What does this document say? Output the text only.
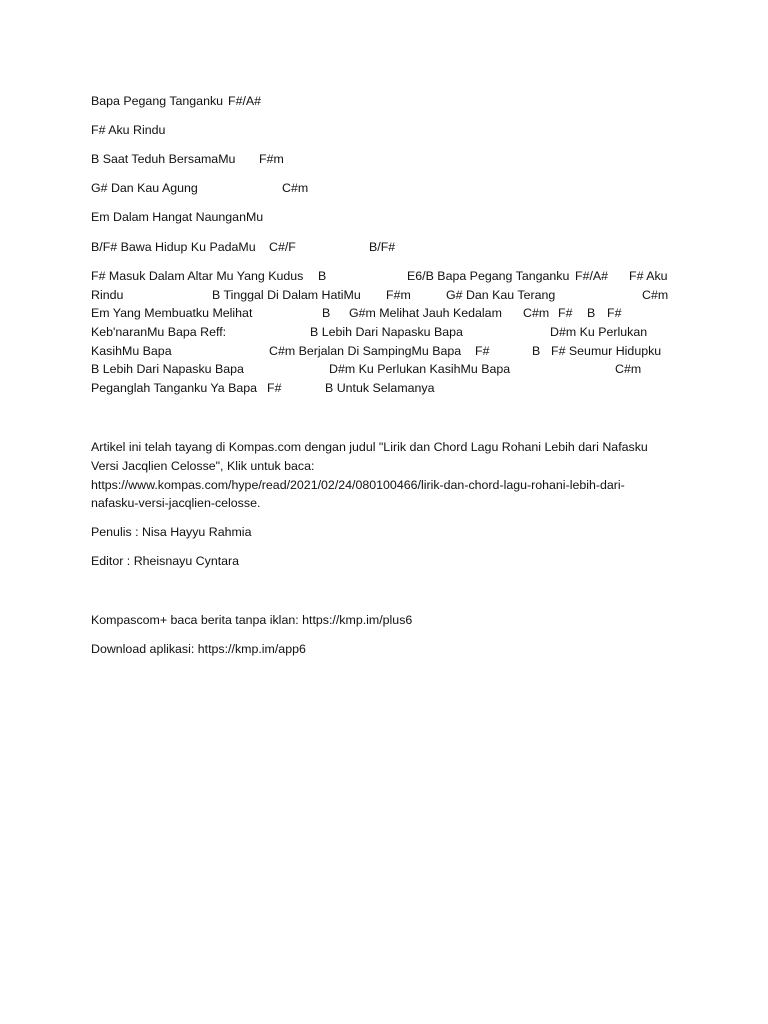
Bapa Pegang Tanganku F#/A#
F# Aku Rindu
B Saat Teduh BersamaMu F#m
G# Dan Kau Agung	C#m
Em Dalam Hangat NaunganMu
B/F# Bawa Hidup Ku PadaMu C#/F	B/F#
F# Masuk Dalam Altar Mu Yang Kudus B	E6/B Bapa Pegang Tanganku F#/A# F# Aku
Rindu	B Tinggal Di Dalam HatiMu F#m	G# Dan Kau Terang	C#m
Em Yang Membuatku Melihat	B G#m Melihat Jauh Kedalam C#m F# B F#
Keb'naranMu Bapa Reff:	B Lebih Dari Napasku Bapa	D#m Ku Perlukan
KasihMu Bapa	C#m Berjalan Di SampingMu Bapa F#	B F# Seumur Hidupku
B Lebih Dari Napasku Bapa	D#m Ku Perlukan KasihMu Bapa	C#m
Peganglah Tanganku Ya Bapa F#	B Untuk Selamanya
Artikel ini telah tayang di Kompas.com dengan judul "Lirik dan Chord Lagu Rohani Lebih dari Nafasku
Versi Jacqlien Celosse", Klik untuk baca:
https://www.kompas.com/hype/read/2021/02/24/080100466/lirik-dan-chord-lagu-rohani-lebih-dari-
nafasku-versi-jacqlien-celosse.
Penulis : Nisa Hayyu Rahmia
Editor : Rheisnayu Cyntara
Kompascom+ baca berita tanpa iklan: https://kmp.im/plus6
Download aplikasi: https://kmp.im/app6
